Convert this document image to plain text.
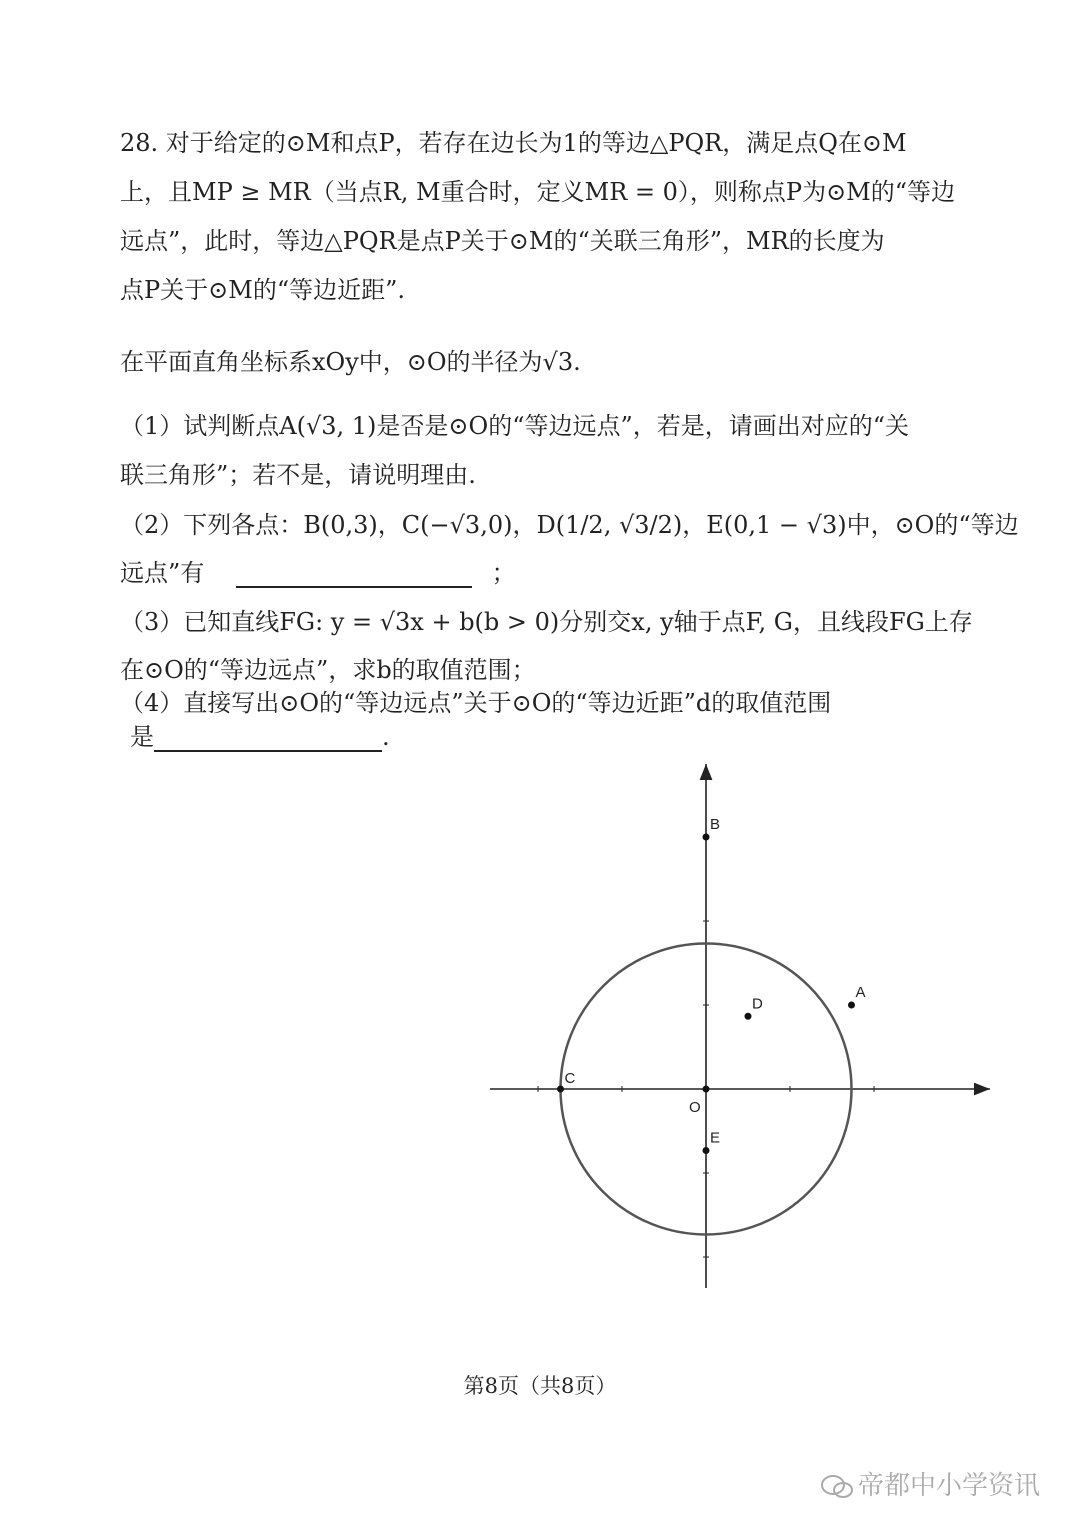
28. 对于给定的⊙M和点P，若存在边长为1的等边△PQR，满足点Q在⊙M
上，且MP ≥ MR（当点R, M重合时，定义MR = 0），则称点P为⊙M的“等边
远点”，此时，等边△PQR是点P关于⊙M的“关联三角形”，MR的长度为
点P关于⊙M的“等边近距”.
在平面直角坐标系xOy中，⊙O的半径为√3.
（1）试判断点A(√3, 1)是否是⊙O的“等边远点”，若是，请画出对应的“关
联三角形”；若不是，请说明理由.
（2）下列各点：B(0,3)，C(−√3,0)，D(1/2, √3/2)，E(0,1 − √3)中，⊙O的“等边
远点”有	；
（3）已知直线FG: y = √3x + b(b > 0)分别交x, y轴于点F, G，且线段FG上存
在⊙O的“等边远点”，求b的取值范围；
（4）直接写出⊙O的“等边远点”关于⊙O的“等边近距”d的取值范围
是	.
O
B
A
D
C
E
第8页（共8页）
帝都中小学资讯
